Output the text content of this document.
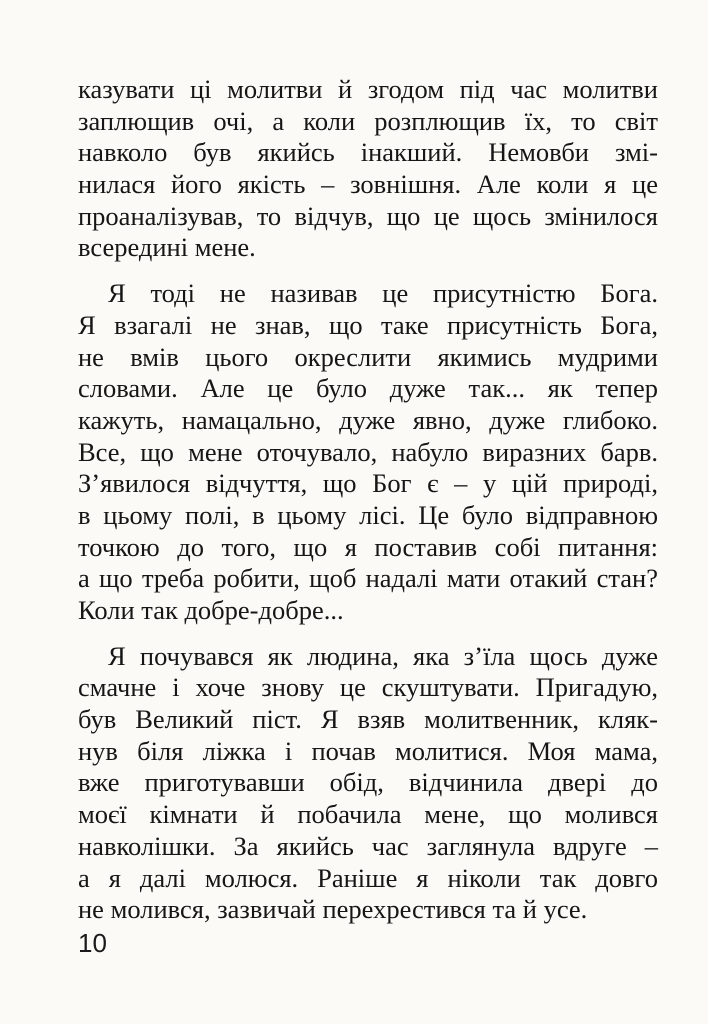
казувати ці молитви й згодом під час молитви
заплющив очі, а коли розплющив їх, то світ
навколо був якийсь інакший. Немовби змі-
нилася його якість – зовнішня. Але коли я це
проаналізував, то відчув, що це щось змінилося
всередині мене.

Я тоді не називав це присутністю Бога.
Я взагалі не знав, що таке присутність Бога,
не вмів цього окреслити якимись мудрими
словами. Але це було дуже так... як тепер
кажуть, намацально, дуже явно, дуже глибоко.
Все, що мене оточувало, набуло виразних барв.
З’явилося відчуття, що Бог є – у цій природі,
в цьому полі, в цьому лісі. Це було відправною
точкою до того, що я поставив собі питання:
а що треба робити, щоб надалі мати отакий стан?
Коли так добре-добре...

Я почувався як людина, яка з’їла щось дуже
смачне і хоче знову це скуштувати. Пригадую,
був Великий піст. Я взяв молитвенник, кляк-
нув біля ліжка і почав молитися. Моя мама,
вже приготувавши обід, відчинила двері до
моєї кімнати й побачила мене, що молився
навколішки. За якийсь час заглянула вдруге –
а я далі молюся. Раніше я ніколи так довго
не молився, зазвичай перехрестився та й усе.

10
